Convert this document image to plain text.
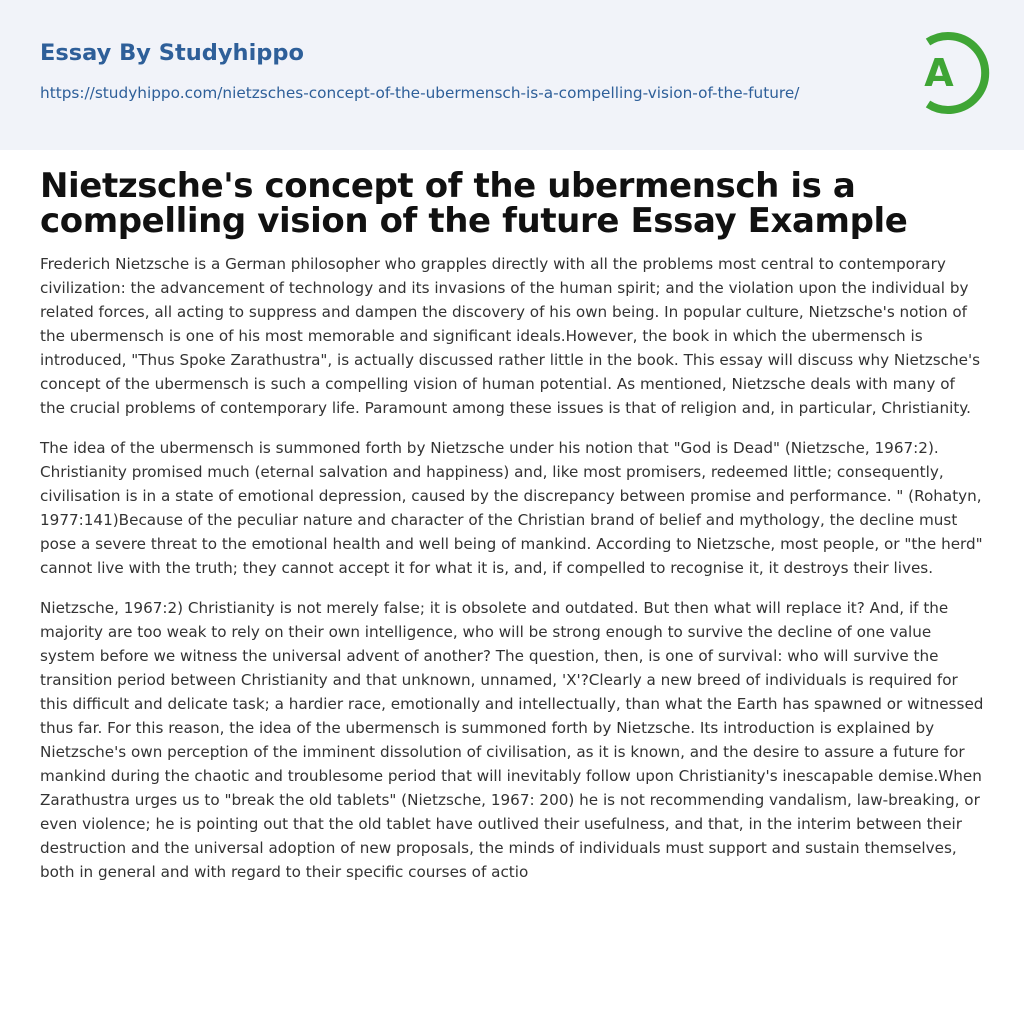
Essay By Studyhippo
https://studyhippo.com/nietzsches-concept-of-the-ubermensch-is-a-compelling-vision-of-the-future/	A
Nietzsche's concept of the ubermensch is a compelling vision of the future Essay Example

Frederich Nietzsche is a German philosopher who grapples directly with all the problems most central to contemporary civilization: the advancement of technology and its invasions of the human spirit; and the violation upon the individual by related forces, all acting to suppress and dampen the discovery of his own being. In popular culture, Nietzsche's notion of the ubermensch is one of his most memorable and significant ideals.However, the book in which the ubermensch is introduced, "Thus Spoke Zarathustra", is actually discussed rather little in the book. This essay will discuss why Nietzsche's concept of the ubermensch is such a compelling vision of human potential. As mentioned, Nietzsche deals with many of the crucial problems of contemporary life. Paramount among these issues is that of religion and, in particular, Christianity.

The idea of the ubermensch is summoned forth by Nietzsche under his notion that "God is Dead" (Nietzsche, 1967:2). Christianity promised much (eternal salvation and happiness) and, like most promisers, redeemed little; consequently, civilisation is in a state of emotional depression, caused by the discrepancy between promise and performance. " (Rohatyn, 1977:141)Because of the peculiar nature and character of the Christian brand of belief and mythology, the decline must pose a severe threat to the emotional health and well being of mankind. According to Nietzsche, most people, or "the herd" cannot live with the truth; they cannot accept it for what it is, and, if compelled to recognise it, it destroys their lives.

Nietzsche, 1967:2) Christianity is not merely false; it is obsolete and outdated. But then what will replace it? And, if the majority are too weak to rely on their own intelligence, who will be strong enough to survive the decline of one value system before we witness the universal advent of another? The question, then, is one of survival: who will survive the transition period between Christianity and that unknown, unnamed, 'X'?Clearly a new breed of individuals is required for this difficult and delicate task; a hardier race, emotionally and intellectually, than what the Earth has spawned or witnessed thus far. For this reason, the idea of the ubermensch is summoned forth by Nietzsche. Its introduction is explained by Nietzsche's own perception of the imminent dissolution of civilisation, as it is known, and the desire to assure a future for mankind during the chaotic and troublesome period that will inevitably follow upon Christianity's inescapable demise.When Zarathustra urges us to "break the old tablets" (Nietzsche, 1967: 200) he is not recommending vandalism, law-breaking, or even violence; he is pointing out that the old tablet have outlived their usefulness, and that, in the interim between their destruction and the universal adoption of new proposals, the minds of individuals must support and sustain themselves, both in general and with regard to their specific courses of actio
